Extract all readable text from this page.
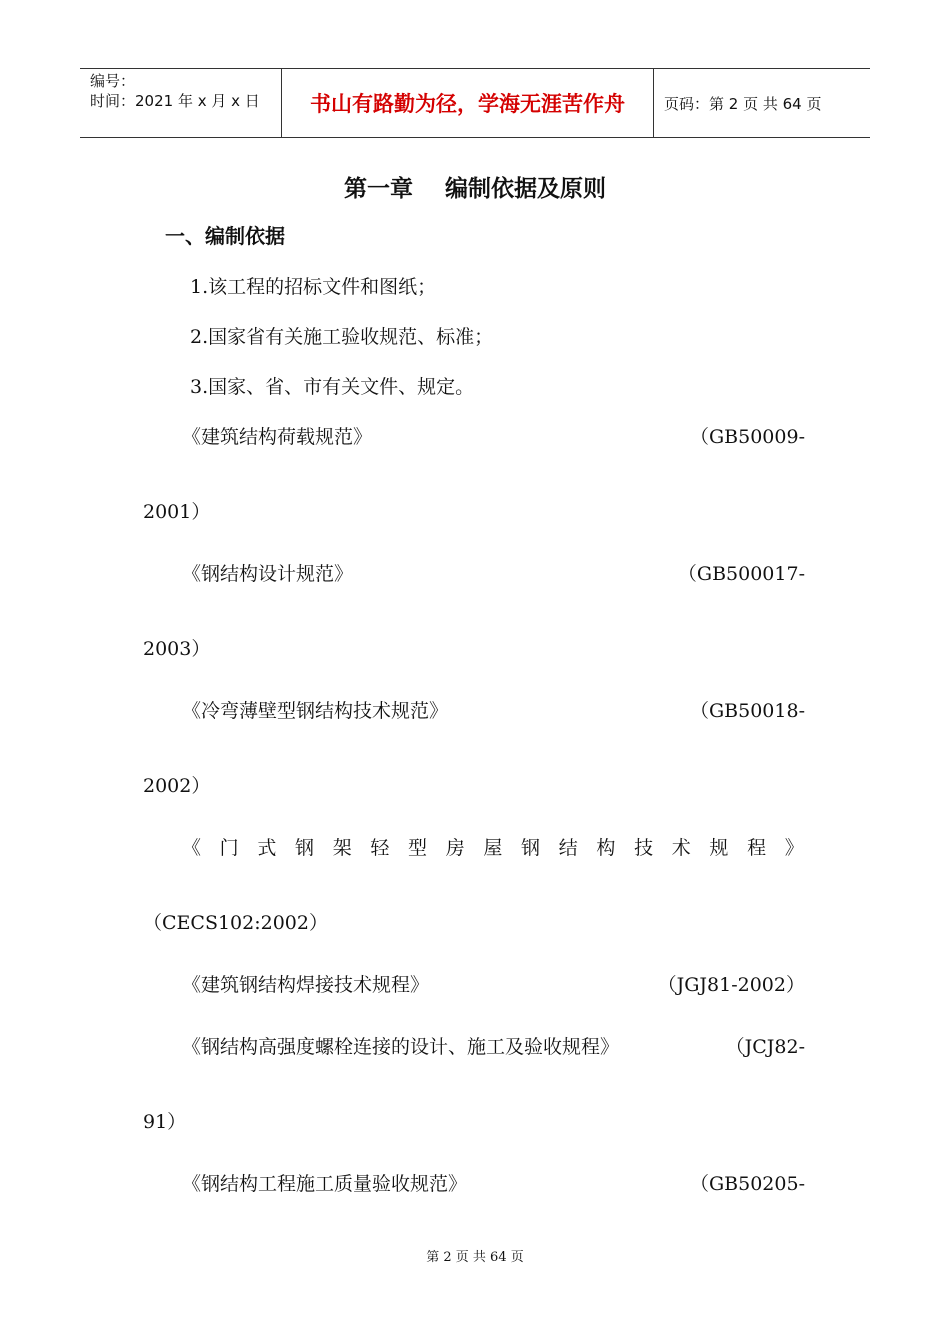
编号：
时间：2021 年 x 月 x 日	书山有路勤为径，学海无涯苦作舟	页码：第 2 页 共 64 页
第一章    编制依据及原则
一、编制依据
1.该工程的招标文件和图纸；
2.国家省有关施工验收规范、标准；
3.国家、省、市有关文件、规定。
《建筑结构荷载规范》	（GB50009-
2001）
《钢结构设计规范》	（GB500017-
2003）
《冷弯薄壁型钢结构技术规范》	（GB50018-
2002）
《 门 式 钢 架 轻 型 房 屋 钢 结 构 技 术 规 程 》
（CECS102:2002）
《建筑钢结构焊接技术规程》	（JGJ81-2002）
《钢结构高强度螺栓连接的设计、施工及验收规程》	（JCJ82-
91）
《钢结构工程施工质量验收规范》	（GB50205-
第 2 页 共 64 页
